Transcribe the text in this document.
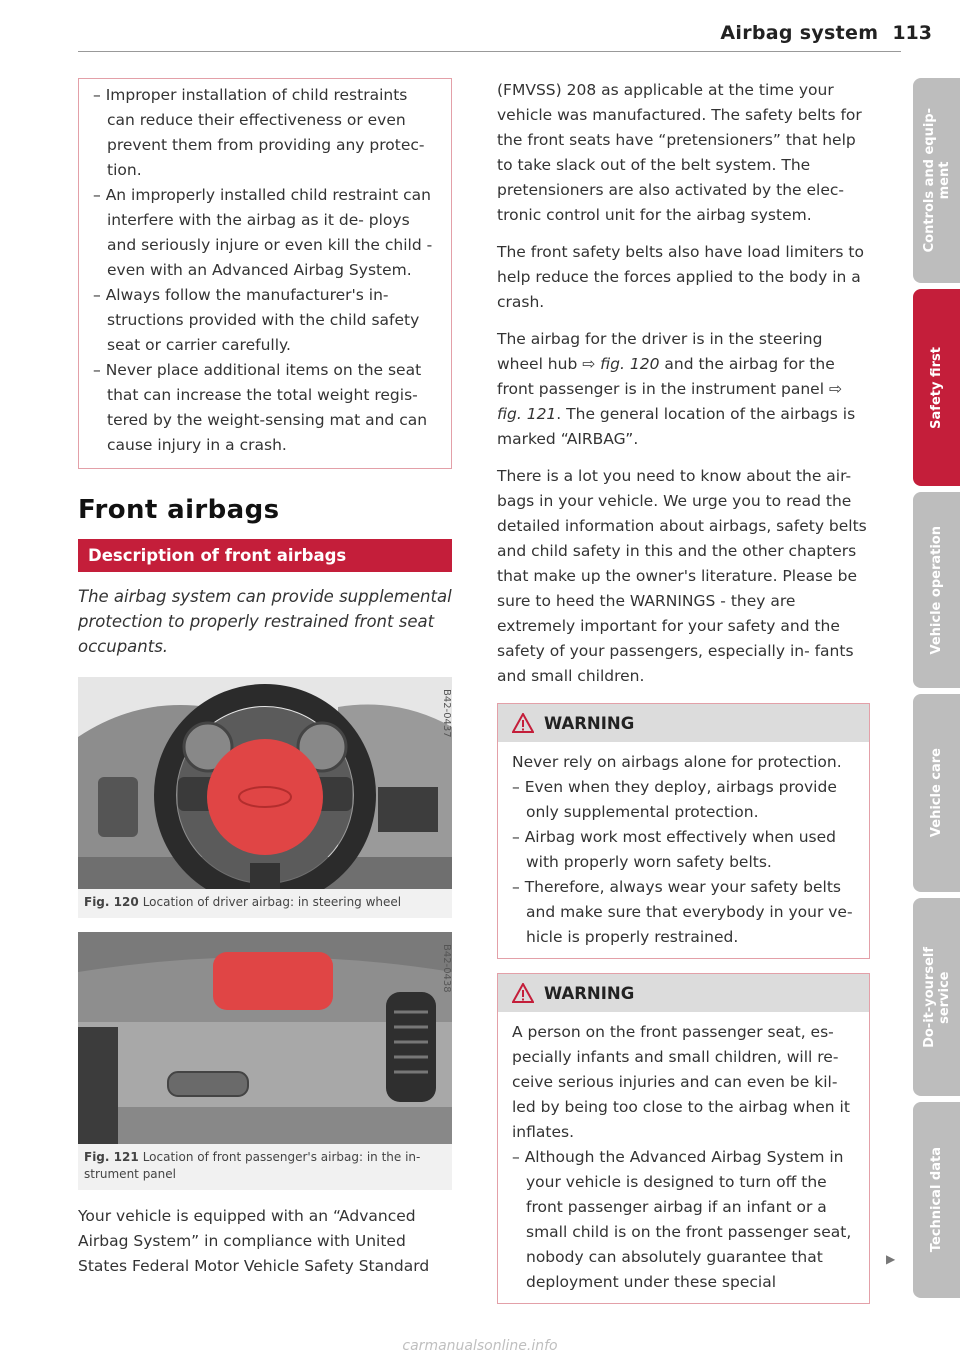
Airbag system 113
– Improper installation of child restraints can reduce their effectiveness or even prevent them from providing any protec- tion.
– An improperly installed child restraint can interfere with the airbag as it de- ploys and seriously injure or even kill the child - even with an Advanced Airbag System.
– Always follow the manufacturer's in- structions provided with the child safety seat or carrier carefully.
– Never place additional items on the seat that can increase the total weight regis- tered by the weight-sensing mat and can cause injury in a crash.
Front airbags
Description of front airbags
The airbag system can provide supplemental protection to properly restrained front seat occupants.
B42-0437
Fig. 120 Location of driver airbag: in steering wheel
B42-0438
Fig. 121 Location of front passenger's airbag: in the in- strument panel
Your vehicle is equipped with an “Advanced Airbag System” in compliance with United States Federal Motor Vehicle Safety Standard
(FMVSS) 208 as applicable at the time your vehicle was manufactured. The safety belts for the front seats have “pretensioners” that help to take slack out of the belt system. The pretensioners are also activated by the elec- tronic control unit for the airbag system.
The front safety belts also have load limiters to help reduce the forces applied to the body in a crash.
The airbag for the driver is in the steering wheel hub ⇨ fig. 120 and the airbag for the front passenger is in the instrument panel ⇨ fig. 121. The general location of the airbags is marked “AIRBAG”.
There is a lot you need to know about the air- bags in your vehicle. We urge you to read the detailed information about airbags, safety belts and child safety in this and the other chapters that make up the owner's literature. Please be sure to heed the WARNINGS - they are extremely important for your safety and the safety of your passengers, especially in- fants and small children.
WARNING
Never rely on airbags alone for protection.
– Even when they deploy, airbags provide only supplemental protection.
– Airbag work most effectively when used with properly worn safety belts.
– Therefore, always wear your safety belts and make sure that everybody in your ve- hicle is properly restrained.
WARNING
A person on the front passenger seat, es- pecially infants and small children, will re- ceive serious injuries and can even be kil- led by being too close to the airbag when it inflates.
– Although the Advanced Airbag System in your vehicle is designed to turn off the front passenger airbag if an infant or a small child is on the front passenger seat, nobody can absolutely guarantee that deployment under these special
▶
Controls and equip-
ment
Safety first
Vehicle operation
Vehicle care
Do-it-yourself
service
Technical data
carmanualsonline.info
